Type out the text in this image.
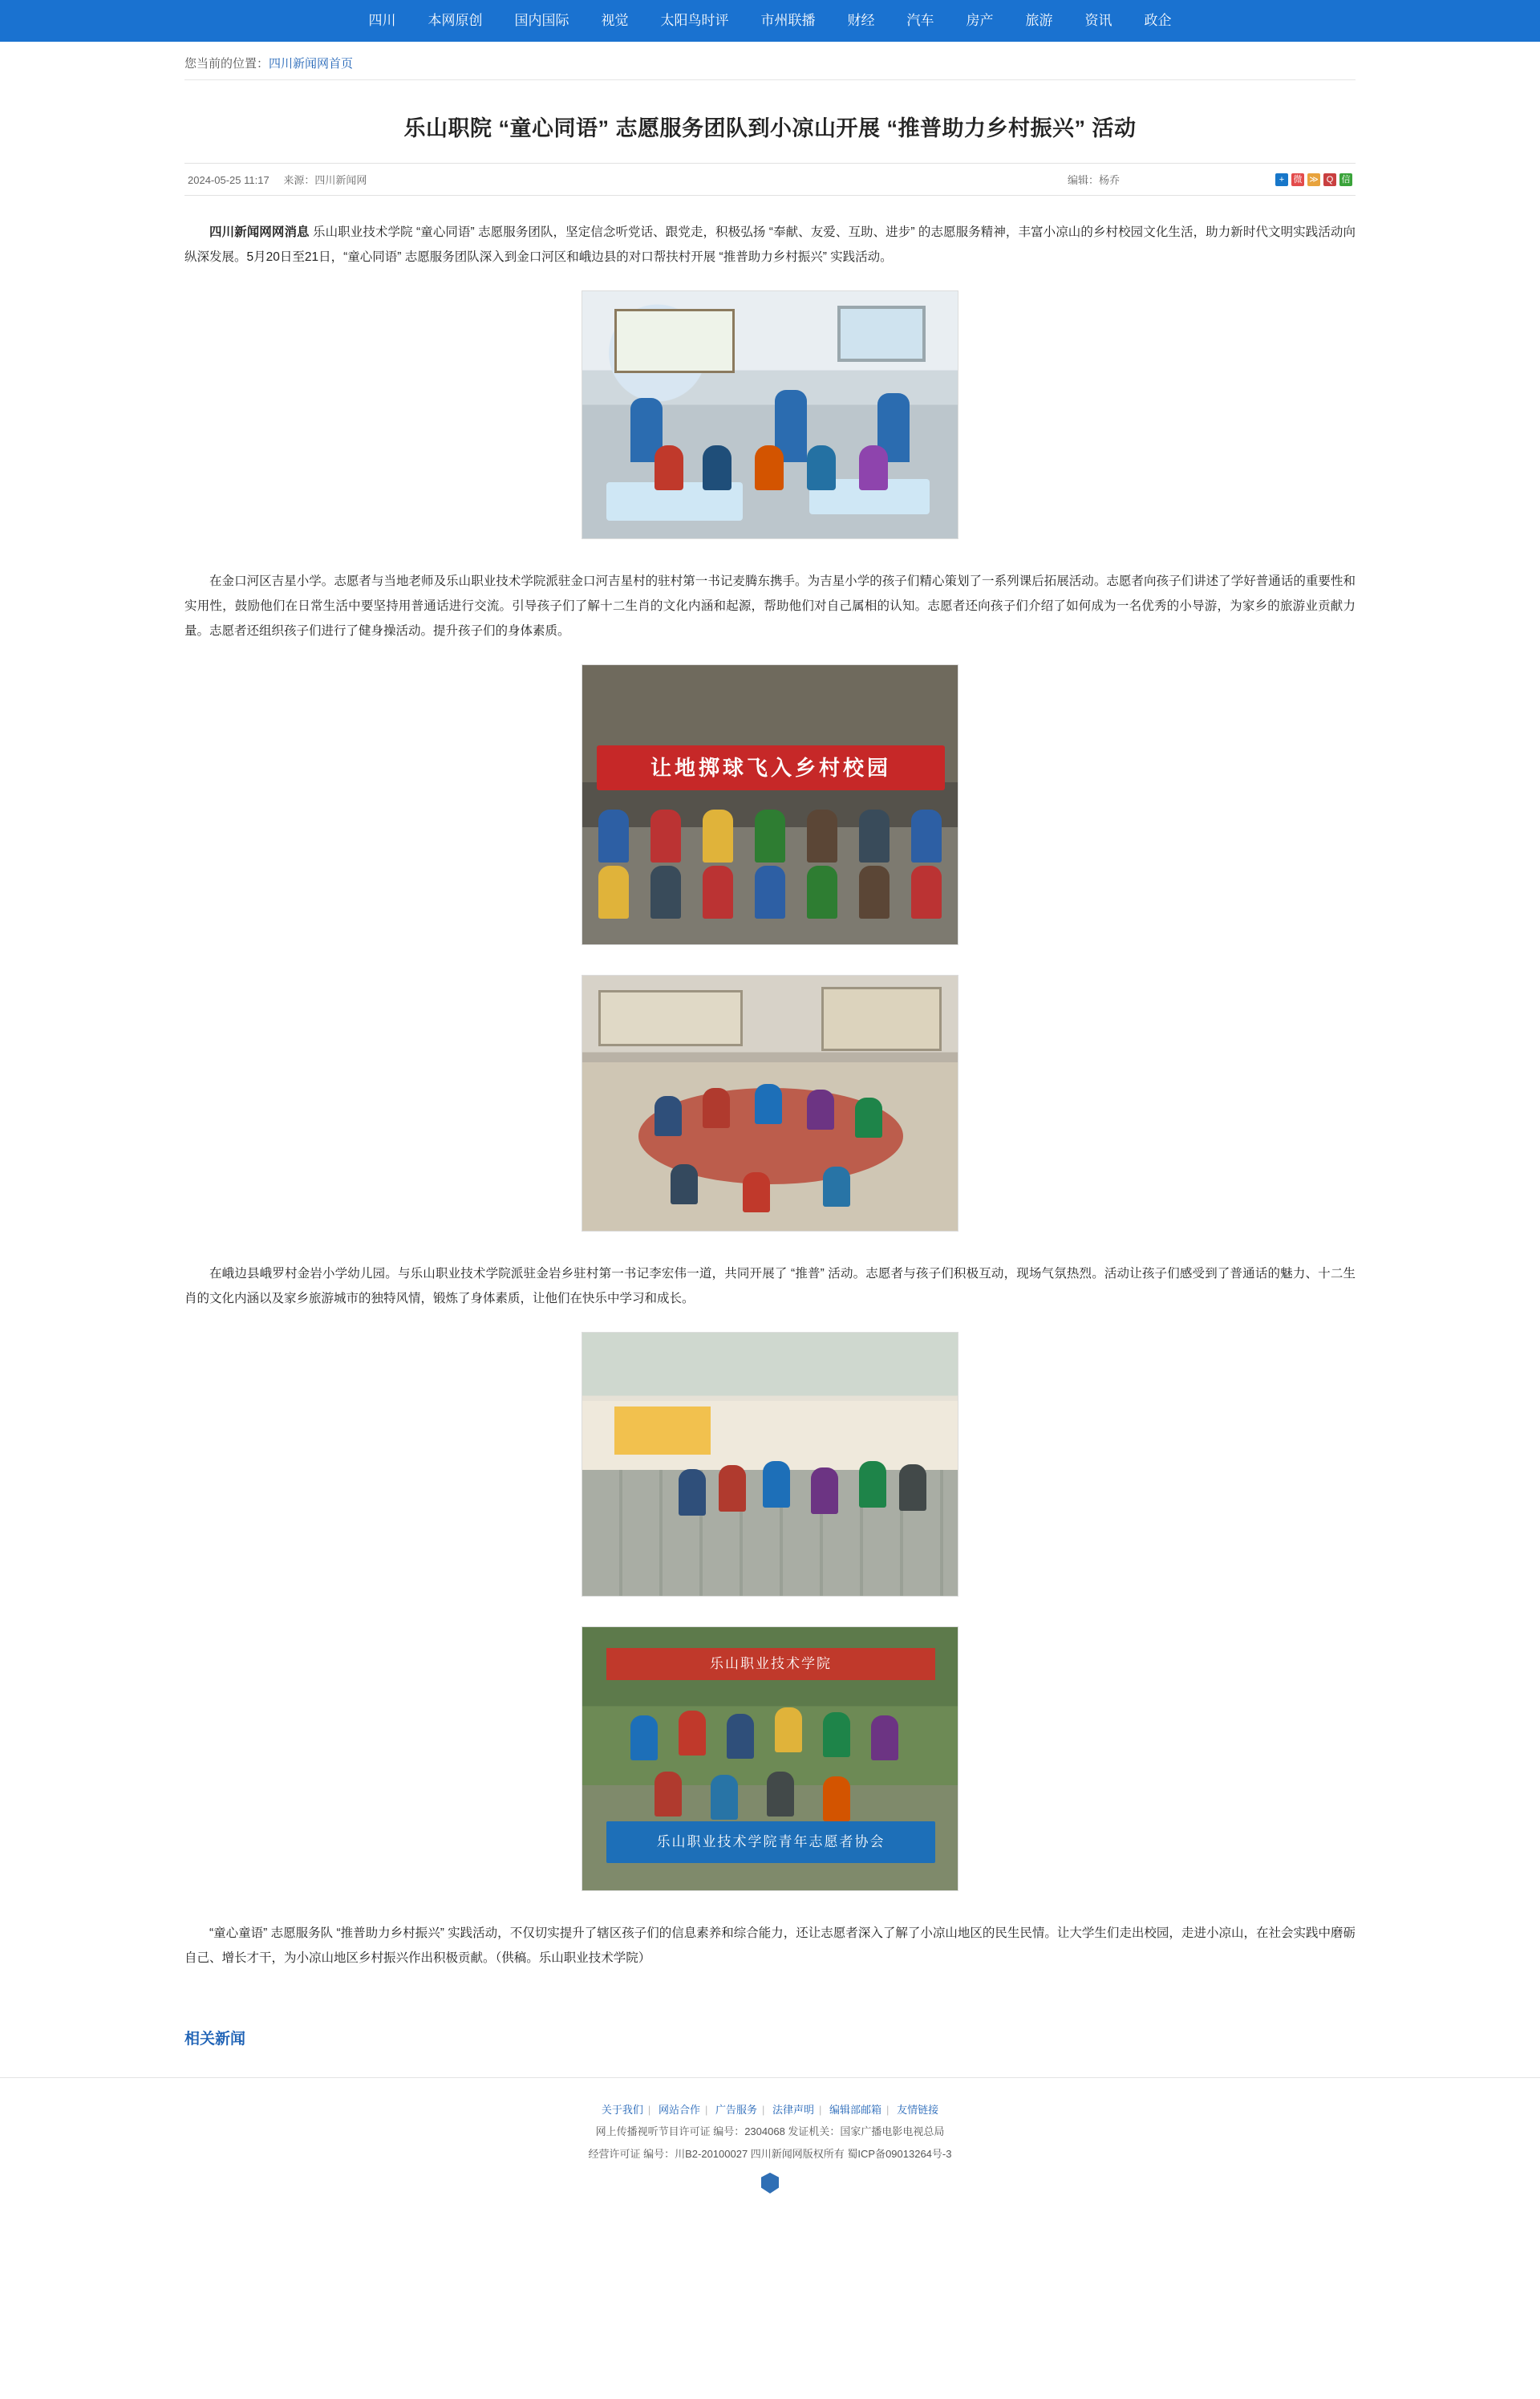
四川	本网原创	国内国际	视觉	太阳鸟时评	市州联播	财经	汽车	房产	旅游	资讯	政企
您当前的位置：四川新闻网首页
乐山职院 “童心同语” 志愿服务团队到小凉山开展 “推普助力乡村振兴” 活动
2024-05-25 11:17 来源：四川新闻网	编辑：杨乔	+	微 ≫ Q 信

四川新闻网网消息 乐山职业技术学院 “童心同语” 志愿服务团队，坚定信念听党话、跟党走，积极弘扬 “奉献、友爱、互助、进步” 的志愿服务精神，丰富小凉山的乡村校园文化生活，助力新时代文明实践活动向纵深发展。5月20日至21日，“童心同语” 志愿服务团队深入到金口河区和峨边县的对口帮扶村开展 “推普助力乡村振兴” 实践活动。

在金口河区吉星小学。志愿者与当地老师及乐山职业技术学院派驻金口河吉星村的驻村第一书记麦腾东携手。为吉星小学的孩子们精心策划了一系列课后拓展活动。志愿者向孩子们讲述了学好普通话的重要性和实用性，鼓励他们在日常生活中要坚持用普通话进行交流。引导孩子们了解十二生肖的文化内涵和起源，帮助他们对自己属相的认知。志愿者还向孩子们介绍了如何成为一名优秀的小导游，为家乡的旅游业贡献力量。志愿者还组织孩子们进行了健身操活动。提升孩子们的身体素质。

让地掷球飞入乡村校园

在峨边县峨罗村金岩小学幼儿园。与乐山职业技术学院派驻金岩乡驻村第一书记李宏伟一道，共同开展了 “推普” 活动。志愿者与孩子们积极互动，现场气氛热烈。活动让孩子们感受到了普通话的魅力、十二生肖的文化内涵以及家乡旅游城市的独特风情，锻炼了身体素质，让他们在快乐中学习和成长。

乐山职业技术学院
乐山职业技术学院青年志愿者协会

“童心童语” 志愿服务队 “推普助力乡村振兴” 实践活动，不仅切实提升了辖区孩子们的信息素养和综合能力，还让志愿者深入了解了小凉山地区的民生民情。让大学生们走出校园，走进小凉山，在社会实践中磨砺自己、增长才干，为小凉山地区乡村振兴作出积极贡献。（供稿。乐山职业技术学院）

相关新闻
关于我们 | 网站合作 | 广告服务 | 法律声明 | 编辑部邮箱 | 友情链接
网上传播视听节目许可证 编号：2304068 发证机关：国家广播电影电视总局
经营许可证 编号：川B2-20100027 四川新闻网版权所有 蜀ICP备09013264号-3
